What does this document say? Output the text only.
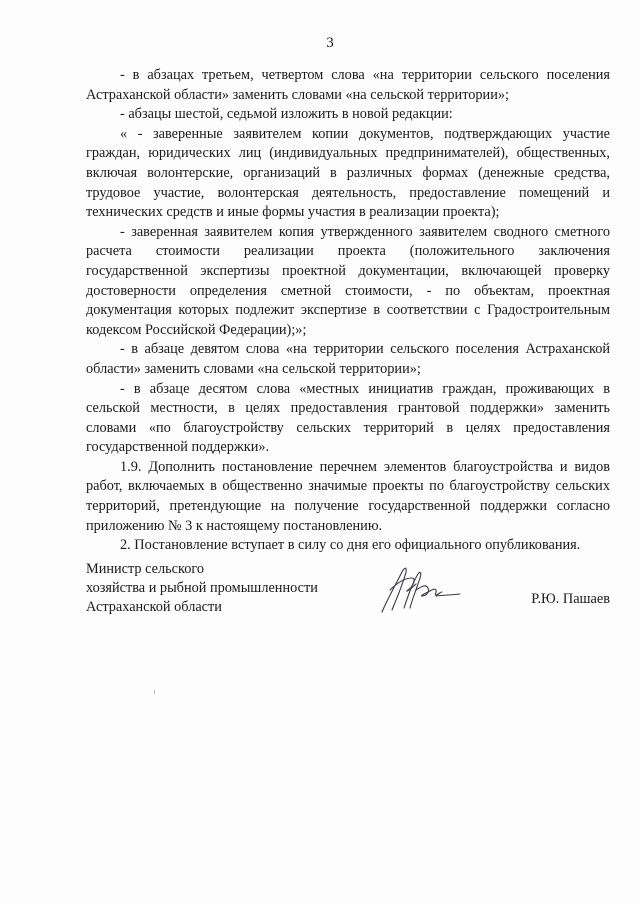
3

- в абзацах третьем, четвертом слова «на территории сельского поселения Астраханской области» заменить словами «на сельской территории»;

- абзацы шестой, седьмой изложить в новой редакции:

« - заверенные заявителем копии документов, подтверждающих участие граждан, юридических лиц (индивидуальных предпринимателей), общественных, включая волонтерские, организаций в различных формах (денежные средства, трудовое участие, волонтерская деятельность, предоставление помещений и технических средств и иные формы участия в реализации проекта);

- заверенная заявителем копия утвержденного заявителем сводного сметного расчета стоимости реализации проекта (положительного заключения государственной экспертизы проектной документации, включающей проверку достоверности определения сметной стоимости, - по объектам, проектная документация которых подлежит экспертизе в соответствии с Градостроительным кодексом Российской Федерации);»;

- в абзаце девятом слова «на территории сельского поселения Астраханской области» заменить словами «на сельской территории»;

- в абзаце десятом слова «местных инициатив граждан, проживающих в сельской местности, в целях предоставления грантовой поддержки» заменить словами «по благоустройству сельских территорий в целях предоставления государственной поддержки».

1.9. Дополнить постановление перечнем элементов благоустройства и видов работ, включаемых в общественно значимые проекты по благоустройству сельских территорий, претендующие на получение государственной поддержки согласно приложению № 3 к настоящему постановлению.

2. Постановление вступает в силу со дня его официального опубликования.

Министр сельского
хозяйства и рыбной промышленности
Астраханской области	Р.Ю. Пашаев
